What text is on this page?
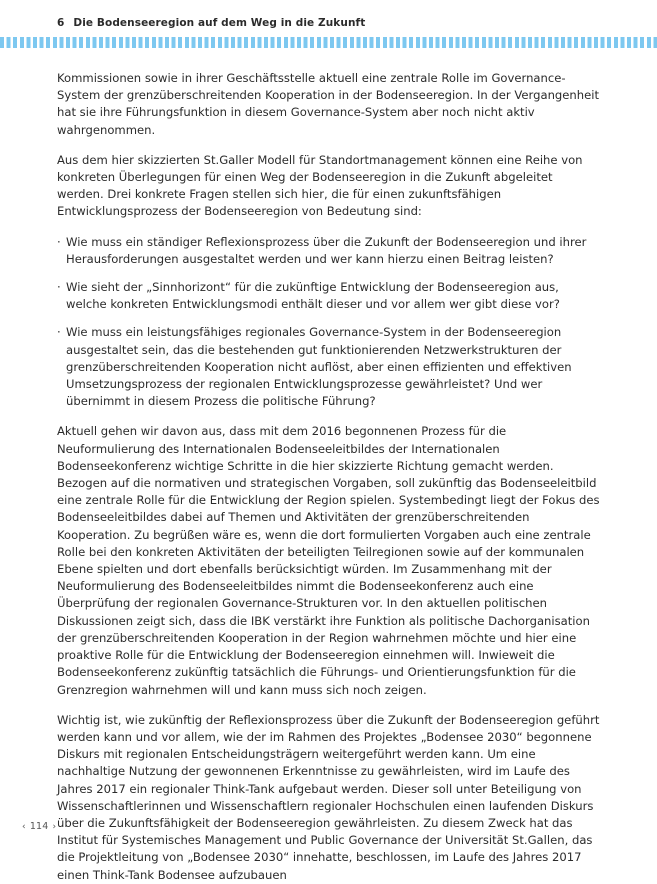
6 Die Bodenseeregion auf dem Weg in die Zukunft

Kommissionen sowie in ihrer Geschäftsstelle aktuell eine zentrale Rolle im Governance-System der grenzüberschreitenden Kooperation in der Bodenseeregion. In der Vergangenheit hat sie ihre Führungsfunktion in diesem Governance-System aber noch nicht aktiv wahrgenommen.

Aus dem hier skizzierten St.Galler Modell für Standortmanagement können eine Reihe von konkreten Überlegungen für einen Weg der Bodenseeregion in die Zukunft abgeleitet werden. Drei konkrete Fragen stellen sich hier, die für einen zukunftsfähigen Entwicklungsprozess der Bodenseeregion von Bedeutung sind:

· Wie muss ein ständiger Reflexionsprozess über die Zukunft der Bodenseeregion und ihrer Herausforderungen ausgestaltet werden und wer kann hierzu einen Beitrag leisten?
· Wie sieht der „Sinnhorizont“ für die zukünftige Entwicklung der Bodenseeregion aus, welche konkreten Entwicklungsmodi enthält dieser und vor allem wer gibt diese vor?
· Wie muss ein leistungsfähiges regionales Governance-System in der Bodenseeregion ausgestaltet sein, das die bestehenden gut funktionierenden Netzwerkstrukturen der grenzüberschreitenden Kooperation nicht auflöst, aber einen effizienten und effektiven Umsetzungsprozess der regionalen Entwicklungsprozesse gewährleistet? Und wer übernimmt in diesem Prozess die politische Führung?

Aktuell gehen wir davon aus, dass mit dem 2016 begonnenen Prozess für die Neuformulierung des Internationalen Bodenseeleitbildes der Internationalen Bodenseekonferenz wichtige Schritte in die hier skizzierte Richtung gemacht werden. Bezogen auf die normativen und strategischen Vorgaben, soll zukünftig das Bodenseeleitbild eine zentrale Rolle für die Entwicklung der Region spielen. Systembedingt liegt der Fokus des Bodenseeleitbildes dabei auf Themen und Aktivitäten der grenzüberschreitenden Kooperation. Zu begrüßen wäre es, wenn die dort formulierten Vorgaben auch eine zentrale Rolle bei den konkreten Aktivitäten der beteiligten Teilregionen sowie auf der kommunalen Ebene spielten und dort ebenfalls berücksichtigt würden. Im Zusammenhang mit der Neuformulierung des Bodenseeleitbildes nimmt die Bodenseekonferenz auch eine Überprüfung der regionalen Governance-Strukturen vor. In den aktuellen politischen Diskussionen zeigt sich, dass die IBK verstärkt ihre Funktion als politische Dachorganisation der grenzüberschreitenden Kooperation in der Region wahrnehmen möchte und hier eine proaktive Rolle für die Entwicklung der Bodenseeregion einnehmen will. Inwieweit die Bodenseekonferenz zukünftig tatsächlich die Führungs- und Orientierungsfunktion für die Grenzregion wahrnehmen will und kann muss sich noch zeigen.

Wichtig ist, wie zukünftig der Reflexionsprozess über die Zukunft der Bodenseeregion geführt werden kann und vor allem, wie der im Rahmen des Projektes „Bodensee 2030“ begonnene Diskurs mit regionalen Entscheidungsträgern weitergeführt werden kann. Um eine nachhaltige Nutzung der gewonnenen Erkenntnisse zu gewährleisten, wird im Laufe des Jahres 2017 ein regionaler Think-Tank aufgebaut werden. Dieser soll unter Beteiligung von Wissenschaftlerinnen und Wissenschaftlern regionaler Hochschulen einen laufenden Diskurs über die Zukunftsfähigkeit der Bodenseeregion gewährleisten. Zu diesem Zweck hat das Institut für Systemisches Management und Public Governance der Universität St.Gallen, das die Projektleitung von „Bodensee 2030“ innehatte, beschlossen, im Laufe des Jahres 2017 einen Think-Tank Bodensee aufzubauen

‹ 114 ›
